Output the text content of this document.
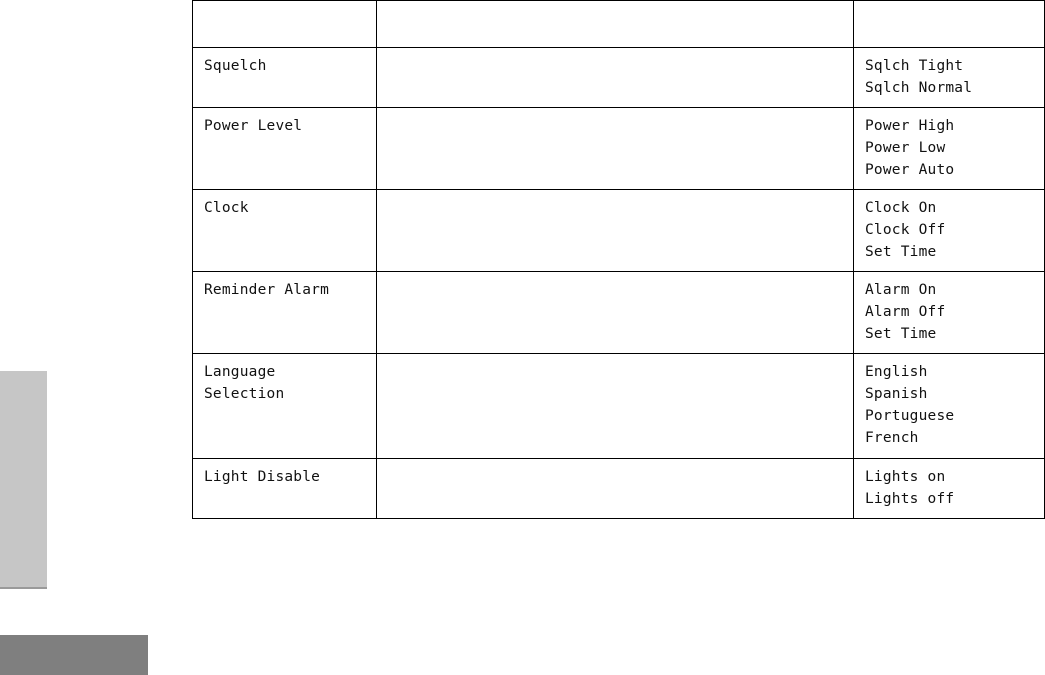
Squelch		Sqlch Tight
Sqlch Normal

Power Level		Power High
Power Low
Power Auto

Clock		Clock On
Clock Off
Set Time

Reminder Alarm		Alarm On
Alarm Off
Set Time

Language
Selection		English
Spanish
Portuguese
French

Light Disable		Lights on
Lights off
